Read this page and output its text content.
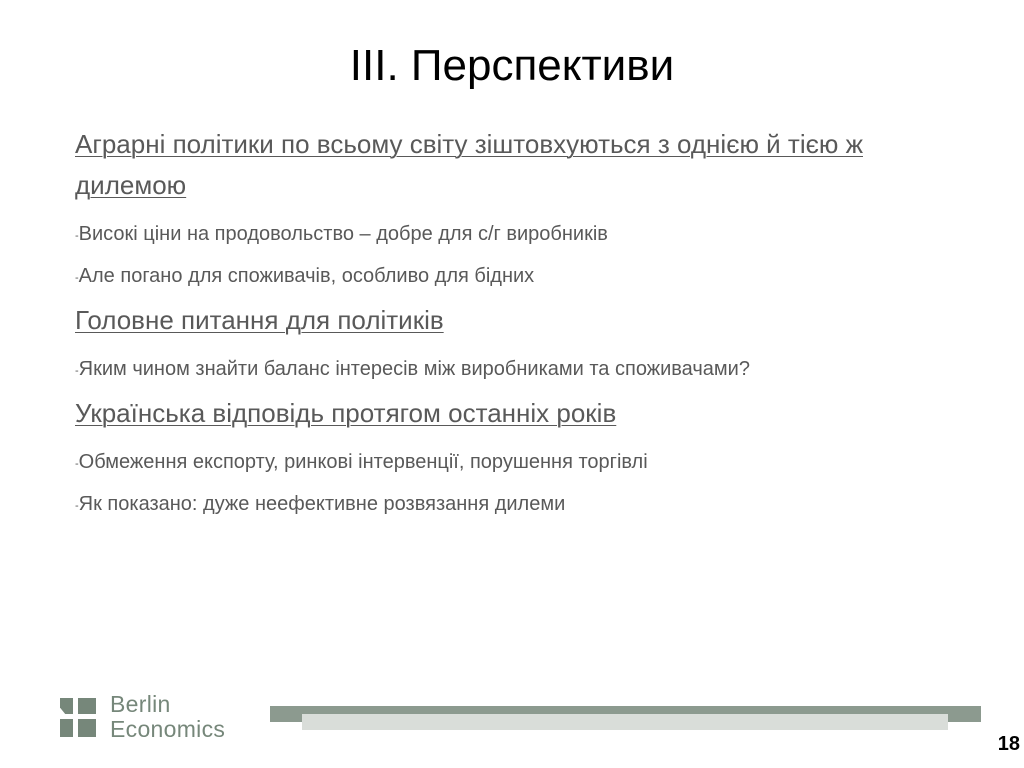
III. Перспективи
Аграрні політики по всьому світу зіштовхуються з однією й тією ж дилемою
-Високі ціни на продовольство – добре для с/г виробників
-Але погано для споживачів, особливо для бідних
Головне питання для політиків
-Яким чином знайти баланс інтересів між виробниками та споживачами?
Українська відповідь протягом останніх років
-Обмеження експорту, ринкові інтервенції, порушення торгівлі
-Як показано: дуже неефективне розвязання дилеми
Berlin
Economics
18
